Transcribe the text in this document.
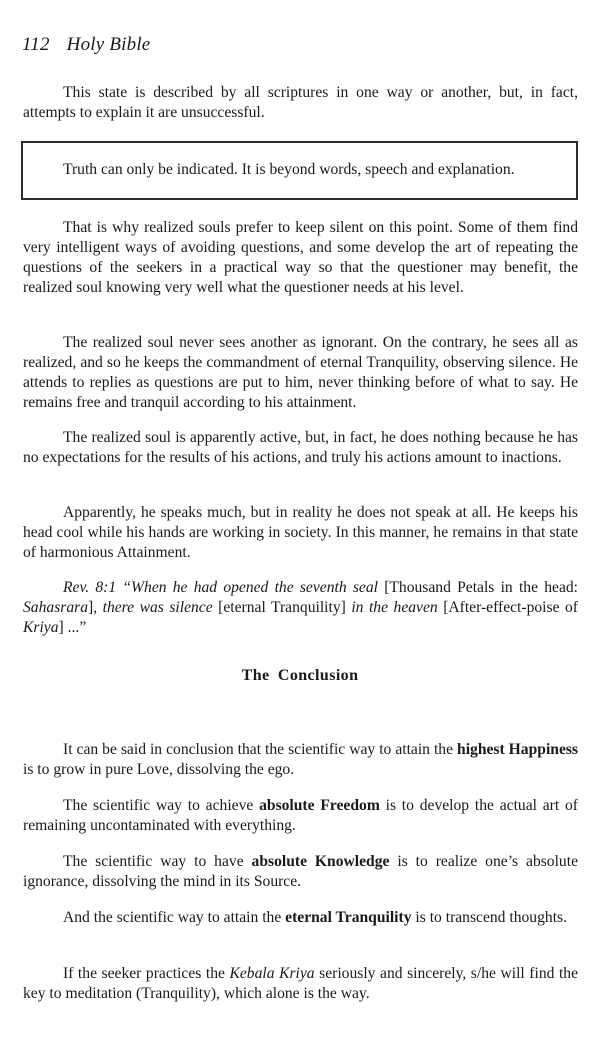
112 Holy Bible

This state is described by all scriptures in one way or another, but, in fact, attempts to explain it are unsuccessful.

Truth can only be indicated. It is beyond words, speech and explanation.

That is why realized souls prefer to keep silent on this point. Some of them find very intelligent ways of avoiding questions, and some develop the art of repeating the questions of the seekers in a practical way so that the questioner may benefit, the realized soul knowing very well what the questioner needs at his level.

The realized soul never sees another as ignorant. On the contrary, he sees all as realized, and so he keeps the commandment of eternal Tranquility, observing silence. He attends to replies as questions are put to him, never thinking before of what to say. He remains free and tranquil according to his attainment.

The realized soul is apparently active, but, in fact, he does nothing because he has no expectations for the results of his actions, and truly his actions amount to inactions.

Apparently, he speaks much, but in reality he does not speak at all. He keeps his head cool while his hands are working in society. In this manner, he remains in that state of harmonious Attainment.

Rev. 8:1 “When he had opened the seventh seal [Thousand Petals in the head: Sahasrara], there was silence [eternal Tranquility] in the heaven [After-effect-poise of Kriya] ...”

The Conclusion

It can be said in conclusion that the scientific way to attain the highest Happiness is to grow in pure Love, dissolving the ego.

The scientific way to achieve absolute Freedom is to develop the actual art of remaining uncontaminated with everything.

The scientific way to have absolute Knowledge is to realize one’s absolute ignorance, dissolving the mind in its Source.

And the scientific way to attain the eternal Tranquility is to transcend thoughts.

If the seeker practices the Kebala Kriya seriously and sincerely, s/he will find the key to meditation (Tranquility), which alone is the way.
